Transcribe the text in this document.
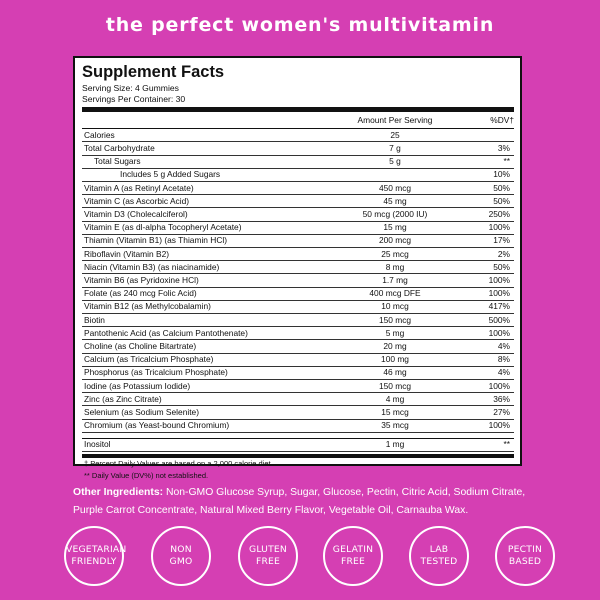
the perfect women's multivitamin
Supplement Facts
Serving Size: 4 Gummies
Servings Per Container: 30
	Amount Per Serving	%DV†
Calories	25	
Total Carbohydrate	7 g	3%
Total Sugars	5 g	**
Includes 5 g Added Sugars		10%
Vitamin A (as Retinyl Acetate)	450 mcg	50%
Vitamin C (as Ascorbic Acid)	45 mg	50%
Vitamin D3 (Cholecalciferol)	50 mcg (2000 IU)	250%
Vitamin E (as dl-alpha Tocopheryl Acetate)	15 mg	100%
Thiamin (Vitamin B1) (as Thiamin HCl)	200 mcg	17%
Riboflavin (Vitamin B2)	25 mcg	2%
Niacin (Vitamin B3) (as niacinamide)	8 mg	50%
Vitamin B6 (as Pyridoxine HCl)	1.7 mg	100%
Folate (as 240 mcg Folic Acid)	400 mcg DFE	100%
Vitamin B12 (as Methylcobalamin)	10 mcg	417%
Biotin	150 mcg	500%
Pantothenic Acid (as Calcium Pantothenate)	5 mg	100%
Choline (as Choline Bitartrate)	20 mg	4%
Calcium (as Tricalcium Phosphate)	100 mg	8%
Phosphorus (as Tricalcium Phosphate)	46 mg	4%
Iodine (as Potassium Iodide)	150 mcg	100%
Zinc (as Zinc Citrate)	4 mg	36%
Selenium (as Sodium Selenite)	15 mcg	27%
Chromium (as Yeast-bound Chromium)	35 mcg	100%

Inositol	1 mg	**
† Percent Daily Values are based on a 2,000 calorie diet.
** Daily Value (DV%) not established.
Other Ingredients: Non-GMO Glucose Syrup, Sugar, Glucose, Pectin, Citric Acid, Sodium Citrate, Purple Carrot Concentrate, Natural Mixed Berry Flavor, Vegetable Oil, Carnauba Wax.
VEGETARIAN
FRIENDLY
NON
GMO
GLUTEN
FREE
GELATIN
FREE
LAB
TESTED
PECTIN
BASED
